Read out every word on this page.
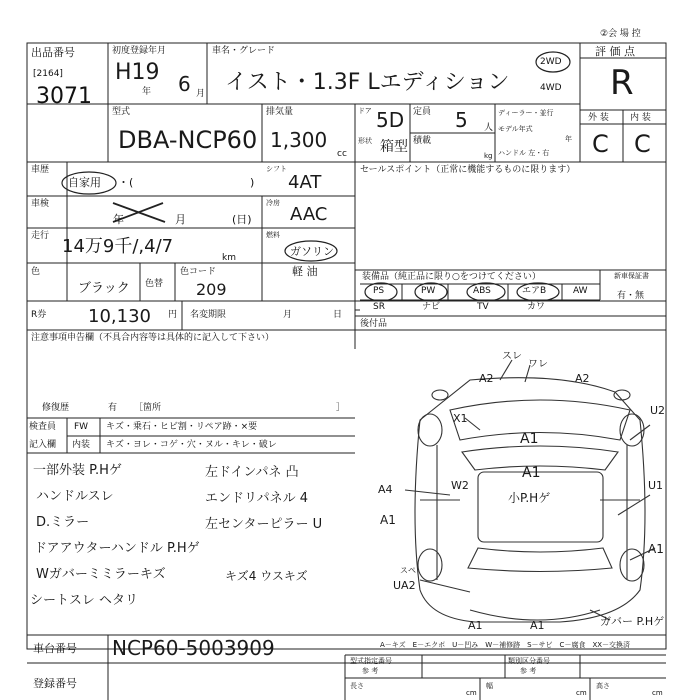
②会 場 控
出品番号
[2164]
3071
初度登録年月
H19
年 6 月
車名・グレード
イスト・1.3F Lエディション
2WD
4WD
評 価 点
R
外 装 内 装
C C
型式
DBA-NCP60
排気量
1,300
cc
ドア 5D 定員 5 人
形状 箱型 積載
kg
ディーラー・並行
モデル年式
年
ハンドル 左・右
車歴
自家用 ・(	)
シフト
4AT
セールスポイント（正常に機能するものに限ります）
車検
年	月	(日)
冷房
AAC
走行 14万9千/,4/7
km
燃料
ガソリン
軽 油
色
ブラック 色替
色コード
209
装備品（純正品に限り○をつけてください）
PS	PW	ABS	エアB	AW
SR	ナビ	TV	カワ
新車保証書
有・無
R券 10,130 円 名変期限	月	日
後付品
注意事項申告欄（不具合内容等は具体的に記入して下さい）
修復歴	有 ［箇所	］
検査員
記入欄
FW キズ・乗石・ヒビ割・リペア跡・×要
内装 キズ・ヨレ・コゲ・穴・ヌル・キレ・破レ
一部外装 P.Hゲ
ハンドルスレ
D.ミラー
ドアアウターハンドル P.Hゲ
Wガバーミミラーキズ
シートスレ ヘタリ
左ドインパネ 凸
エンドリパネル 4
左センターピラー U
キズ4 ウスキズ
スレ
ワレ
A2	A2
X1
U2
A1
A1
小P.Hゲ
A4	W2
A1
A1
U1
スペ
UA2
A1	A1	ガバー P.Hゲ
A－キズ　E－エクボ　U－凹み　W－補修跡　S－サビ　C－腐食　XX－交換済
車台番号 NCP60-5003909
登録番号
型式指定番号
参 考
類別区分番号
参 考
長さ
cm
幅
cm
高さ
cm
